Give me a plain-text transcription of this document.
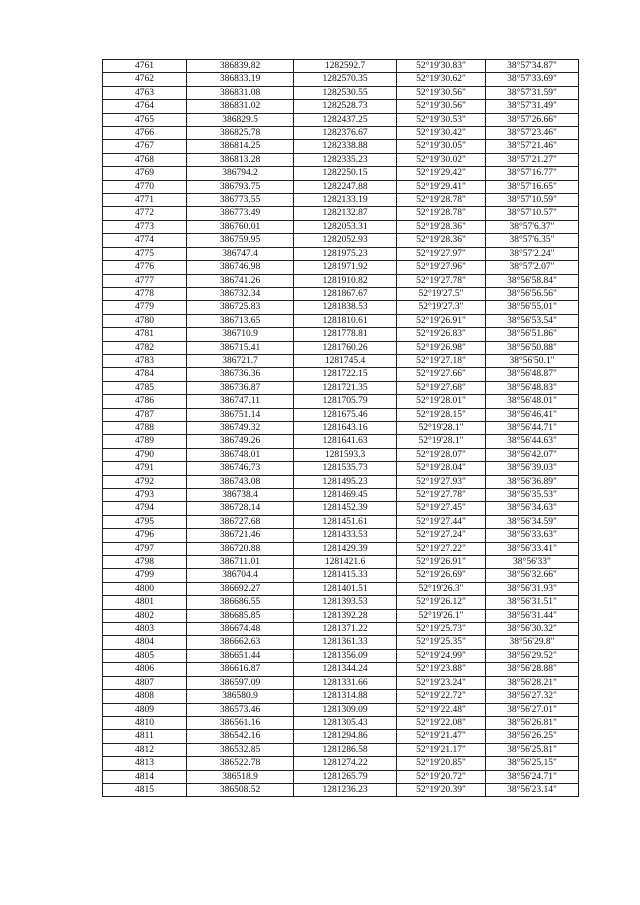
4761	386839.82	1282592.7	52°19'30.83"	38°57'34.87"
4762	386833.19	1282570.35	52°19'30.62"	38°57'33.69"
4763	386831.08	1282530.55	52°19'30.56"	38°57'31.59"
4764	386831.02	1282528.73	52°19'30.56"	38°57'31.49"
4765	386829.5	1282437.25	52°19'30.53"	38°57'26.66"
4766	386825.78	1282376.67	52°19'30.42"	38°57'23.46"
4767	386814.25	1282338.88	52°19'30.05"	38°57'21.46"
4768	386813.28	1282335.23	52°19'30.02"	38°57'21.27"
4769	386794.2	1282250.15	52°19'29.42"	38°57'16.77"
4770	386793.75	1282247.88	52°19'29.41"	38°57'16.65"
4771	386773.55	1282133.19	52°19'28.78"	38°57'10.59"
4772	386773.49	1282132.87	52°19'28.78"	38°57'10.57"
4773	386760.01	1282053.31	52°19'28.36"	38°57'6.37"
4774	386759.95	1282052.93	52°19'28.36"	38°57'6.35"
4775	386747.4	1281975.23	52°19'27.97"	38°57'2.24"
4776	386746.98	1281971.92	52°19'27.96"	38°57'2.07"
4777	386741.26	1281910.82	52°19'27.78"	38°56'58.84"
4778	386732.34	1281867.67	52°19'27.5"	38°56'56.56"
4779	386725.83	1281838.53	52°19'27.3"	38°56'55.01"
4780	386713.65	1281810.61	52°19'26.91"	38°56'53.54"
4781	386710.9	1281778.81	52°19'26.83"	38°56'51.86"
4782	386715.41	1281760.26	52°19'26.98"	38°56'50.88"
4783	386721.7	1281745.4	52°19'27.18"	38°56'50.1"
4784	386736.36	1281722.15	52°19'27.66"	38°56'48.87"
4785	386736.87	1281721.35	52°19'27.68"	38°56'48.83"
4786	386747.11	1281705.79	52°19'28.01"	38°56'48.01"
4787	386751.14	1281675.46	52°19'28.15"	38°56'46.41"
4788	386749.32	1281643.16	52°19'28.1"	38°56'44.71"
4789	386749.26	1281641.63	52°19'28.1"	38°56'44.63"
4790	386748.01	1281593.3	52°19'28.07"	38°56'42.07"
4791	386746.73	1281535.73	52°19'28.04"	38°56'39.03"
4792	386743.08	1281495.23	52°19'27.93"	38°56'36.89"
4793	386738.4	1281469.45	52°19'27.78"	38°56'35.53"
4794	386728.14	1281452.39	52°19'27.45"	38°56'34.63"
4795	386727.68	1281451.61	52°19'27.44"	38°56'34.59"
4796	386721.46	1281433.53	52°19'27.24"	38°56'33.63"
4797	386720.88	1281429.39	52°19'27.22"	38°56'33.41"
4798	386711.01	1281421.6	52°19'26.91"	38°56'33"
4799	386704.4	1281415.33	52°19'26.69"	38°56'32.66"
4800	386692.27	1281401.51	52°19'26.3"	38°56'31.93"
4801	386686.55	1281393.53	52°19'26.12"	38°56'31.51"
4802	386685.85	1281392.28	52°19'26.1"	38°56'31.44"
4803	386674.48	1281371.22	52°19'25.73"	38°56'30.32"
4804	386662.63	1281361.33	52°19'25.35"	38°56'29.8"
4805	386651.44	1281356.09	52°19'24.99"	38°56'29.52"
4806	386616.87	1281344.24	52°19'23.88"	38°56'28.88"
4807	386597.09	1281331.66	52°19'23.24"	38°56'28.21"
4808	386580.9	1281314.88	52°19'22.72"	38°56'27.32"
4809	386573.46	1281309.09	52°19'22.48"	38°56'27.01"
4810	386561.16	1281305.43	52°19'22.08"	38°56'26.81"
4811	386542.16	1281294.86	52°19'21.47"	38°56'26.25"
4812	386532.85	1281286.58	52°19'21.17"	38°56'25.81"
4813	386522.78	1281274.22	52°19'20.85"	38°56'25.15"
4814	386518.9	1281265.79	52°19'20.72"	38°56'24.71"
4815	386508.52	1281236.23	52°19'20.39"	38°56'23.14"
